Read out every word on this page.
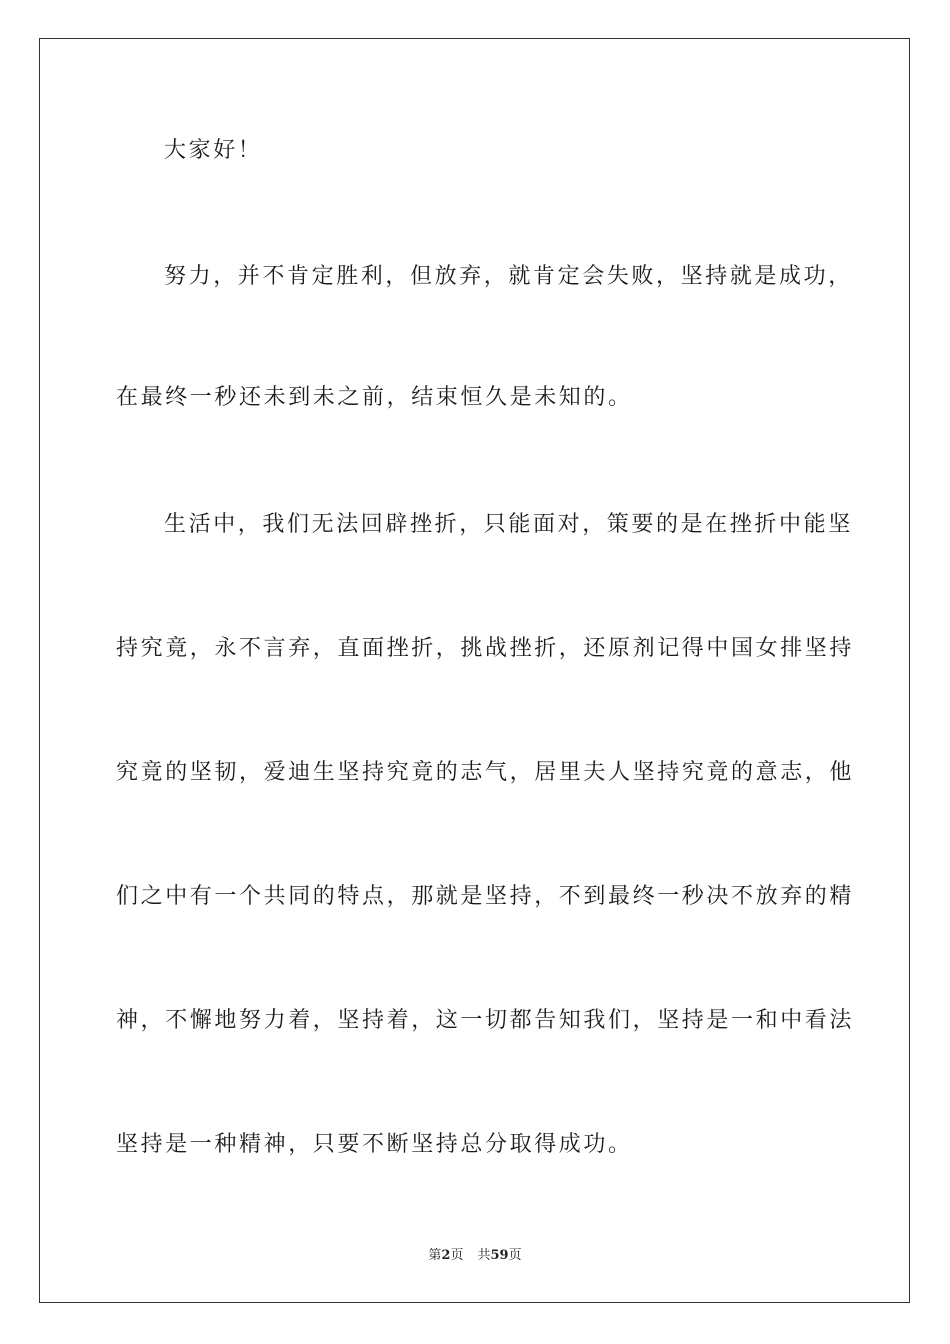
大家好！
努力，并不肯定胜利，但放弃，就肯定会失败，坚持就是成功，
在最终一秒还未到未之前，结束恒久是未知的。
生活中，我们无法回辟挫折，只能面对，策要的是在挫折中能坚
持究竟，永不言弃，直面挫折，挑战挫折，还原剂记得中国女排坚持
究竟的坚韧，爱迪生坚持究竟的志气，居里夫人坚持究竟的意志，他
们之中有一个共同的特点，那就是坚持，不到最终一秒决不放弃的精
神，不懈地努力着，坚持着，这一切都告知我们，坚持是一和中看法
坚持是一种精神，只要不断坚持总分取得成功。
第2页 共59页
